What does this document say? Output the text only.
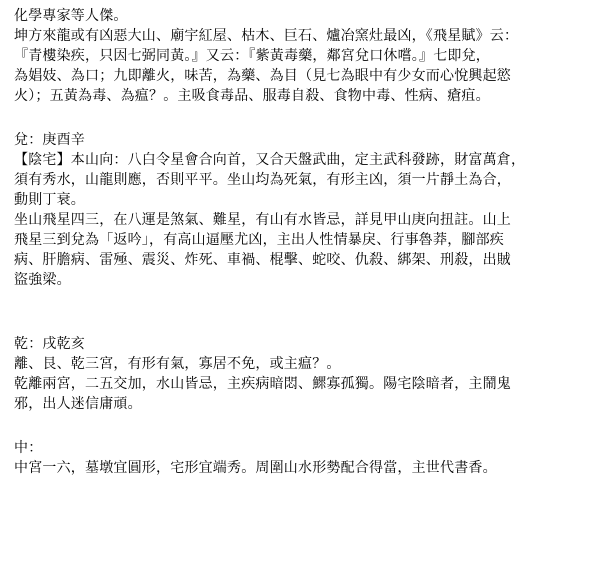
化學專家等人傑。
坤方來龍或有凶惡大山、廟宇紅屋、枯木、巨石、爐冶窯灶最凶，《飛星賦》云：
『青樓染疾，只因七弼同黃。』又云：『紫黃毒藥，鄰宮兌口休嚐。』七即兌，
為娼妓、為口；九即離火，味苦，為藥、為目（見七為眼中有少女而心悅興起慾
火）；五黃為毒、為瘟？。主吸食毒品、服毒自殺、食物中毒、性病、瘡疽。
兌：庚酉辛
【陰宅】本山向：八白令星會合向首，又合天盤武曲，定主武科發跡，財富萬倉，
須有秀水，山龍則應，否則平平。坐山均為死氣，有形主凶，須一片靜土為合，
動則丁衰。
坐山飛星四三，在八運是煞氣、難星，有山有水皆忌，詳見甲山庚向扭註。山上
飛星三到兌為「返吟」，有高山逼壓尤凶，主出人性情暴戾、行事魯莽，腳部疾
病、肝膽病、雷殛、震災、炸死、車禍、棍擊、蛇咬、仇殺、綁架、刑殺，出賊
盜強梁。
乾：戌乾亥
離、艮、乾三宮，有形有氣，寡居不免，或主瘟？。
乾離兩宮，二五交加，水山皆忌，主疾病暗悶、鰥寡孤獨。陽宅陰暗者，主鬧鬼
邪，出人迷信庸頑。
中：
中宮一六，墓墩宜圓形，宅形宜端秀。周圍山水形勢配合得當，主世代書香。
